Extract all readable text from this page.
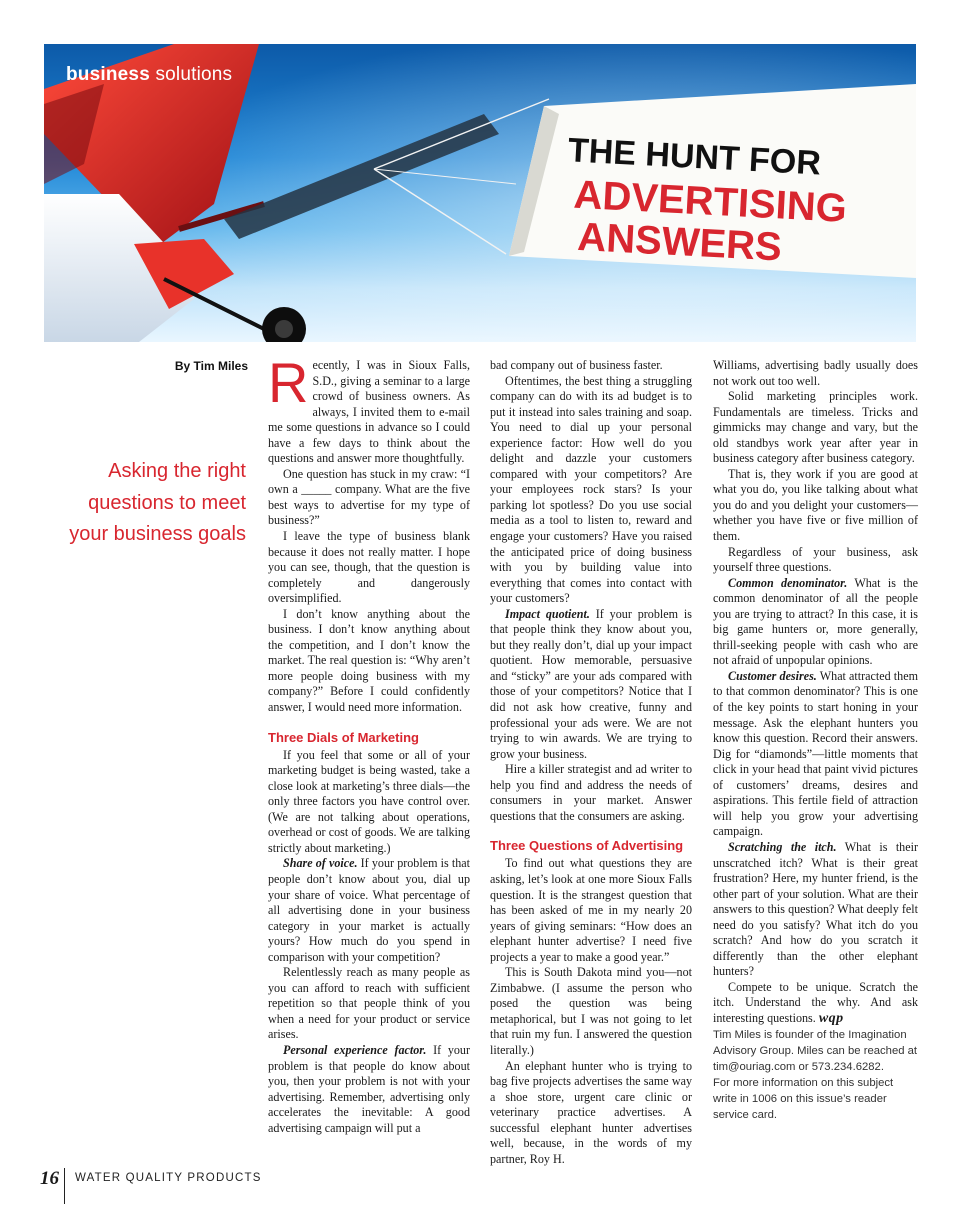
THE HUNT FOR
ADVERTISING
ANSWERS
business solutions
By Tim Miles
Asking the right
questions to meet
your business goals

Recently, I was in Sioux Falls, S.D., giving a seminar to a large crowd of business owners. As always, I invited them to e-mail me some questions in advance so I could have a few days to think about the questions and answer more thoughtfully.

One question has stuck in my craw: “I own a _____ company. What are the five best ways to advertise for my type of business?”

I leave the type of business blank because it does not really matter. I hope you can see, though, that the question is completely and dangerously oversimplified.

I don’t know anything about the business. I don’t know anything about the competition, and I don’t know the market. The real question is: “Why aren’t more people doing business with my company?” Before I could confidently answer, I would need more information.

Three Dials of Marketing

If you feel that some or all of your marketing budget is being wasted, take a close look at marketing’s three dials—the only three factors you have control over. (We are not talking about operations, overhead or cost of goods. We are talking strictly about marketing.)

Share of voice. If your problem is that people don’t know about you, dial up your share of voice. What percentage of all advertising done in your business category in your market is actually yours? How much do you spend in comparison with your competition?

Relentlessly reach as many people as you can afford to reach with sufficient repetition so that people think of you when a need for your product or service arises.

Personal experience factor. If your problem is that people do know about you, then your problem is not with your advertising. Remember, advertising only accelerates the inevitable: A good advertising campaign will put a

bad company out of business faster.

Oftentimes, the best thing a struggling company can do with its ad budget is to put it instead into sales training and soap. You need to dial up your personal experience factor: How well do you delight and dazzle your customers compared with your competitors? Are your employees rock stars? Is your parking lot spotless? Do you use social media as a tool to listen to, reward and engage your customers? Have you raised the anticipated price of doing business with you by building value into everything that comes into contact with your customers?

Impact quotient. If your problem is that people think they know about you, but they really don’t, dial up your impact quotient. How memorable, persuasive and “sticky” are your ads compared with those of your competitors? Notice that I did not ask how creative, funny and professional your ads were. We are not trying to win awards. We are trying to grow your business.

Hire a killer strategist and ad writer to help you find and address the needs of consumers in your market. Answer questions that the consumers are asking.

Three Questions of Advertising

To find out what questions they are asking, let’s look at one more Sioux Falls question. It is the strangest question that has been asked of me in my nearly 20 years of giving seminars: “How does an elephant hunter advertise? I need five projects a year to make a good year.”

This is South Dakota mind you—not Zimbabwe. (I assume the person who posed the question was being metaphorical, but I was not going to let that ruin my fun. I answered the question literally.)

An elephant hunter who is trying to bag five projects advertises the same way a shoe store, urgent care clinic or veterinary practice advertises. A successful elephant hunter advertises well, because, in the words of my partner, Roy H.

Williams, advertising badly usually does not work out too well.

Solid marketing principles work. Fundamentals are timeless. Tricks and gimmicks may change and vary, but the old standbys work year after year in business category after business category.

That is, they work if you are good at what you do, you like talking about what you do and you delight your customers—whether you have five or five million of them.

Regardless of your business, ask yourself three questions.

Common denominator. What is the common denominator of all the people you are trying to attract? In this case, it is big game hunters or, more generally, thrill-seeking people with cash who are not afraid of unpopular opinions.

Customer desires. What attracted them to that common denominator? This is one of the key points to start honing in your message. Ask the elephant hunters you know this question. Record their answers. Dig for “diamonds”—little moments that click in your head that paint vivid pictures of customers’ dreams, desires and aspirations. This fertile field of attraction will help you grow your advertising campaign.

Scratching the itch. What is their unscratched itch? What is their great frustration? Here, my hunter friend, is the other part of your solution. What are their answers to this question? What deeply felt need do you satisfy? What itch do you scratch? And how do you scratch it differently than the other elephant hunters?

Compete to be unique. Scratch the itch. Understand the why. And ask interesting questions. wqp

Tim Miles is founder of the Imagination Advisory Group. Miles can be reached at tim@ouriag.com or 573.234.6282.

For more information on this subject write in 1006 on this issue’s reader service card.

16 WATER QUALITY PRODUCTS
